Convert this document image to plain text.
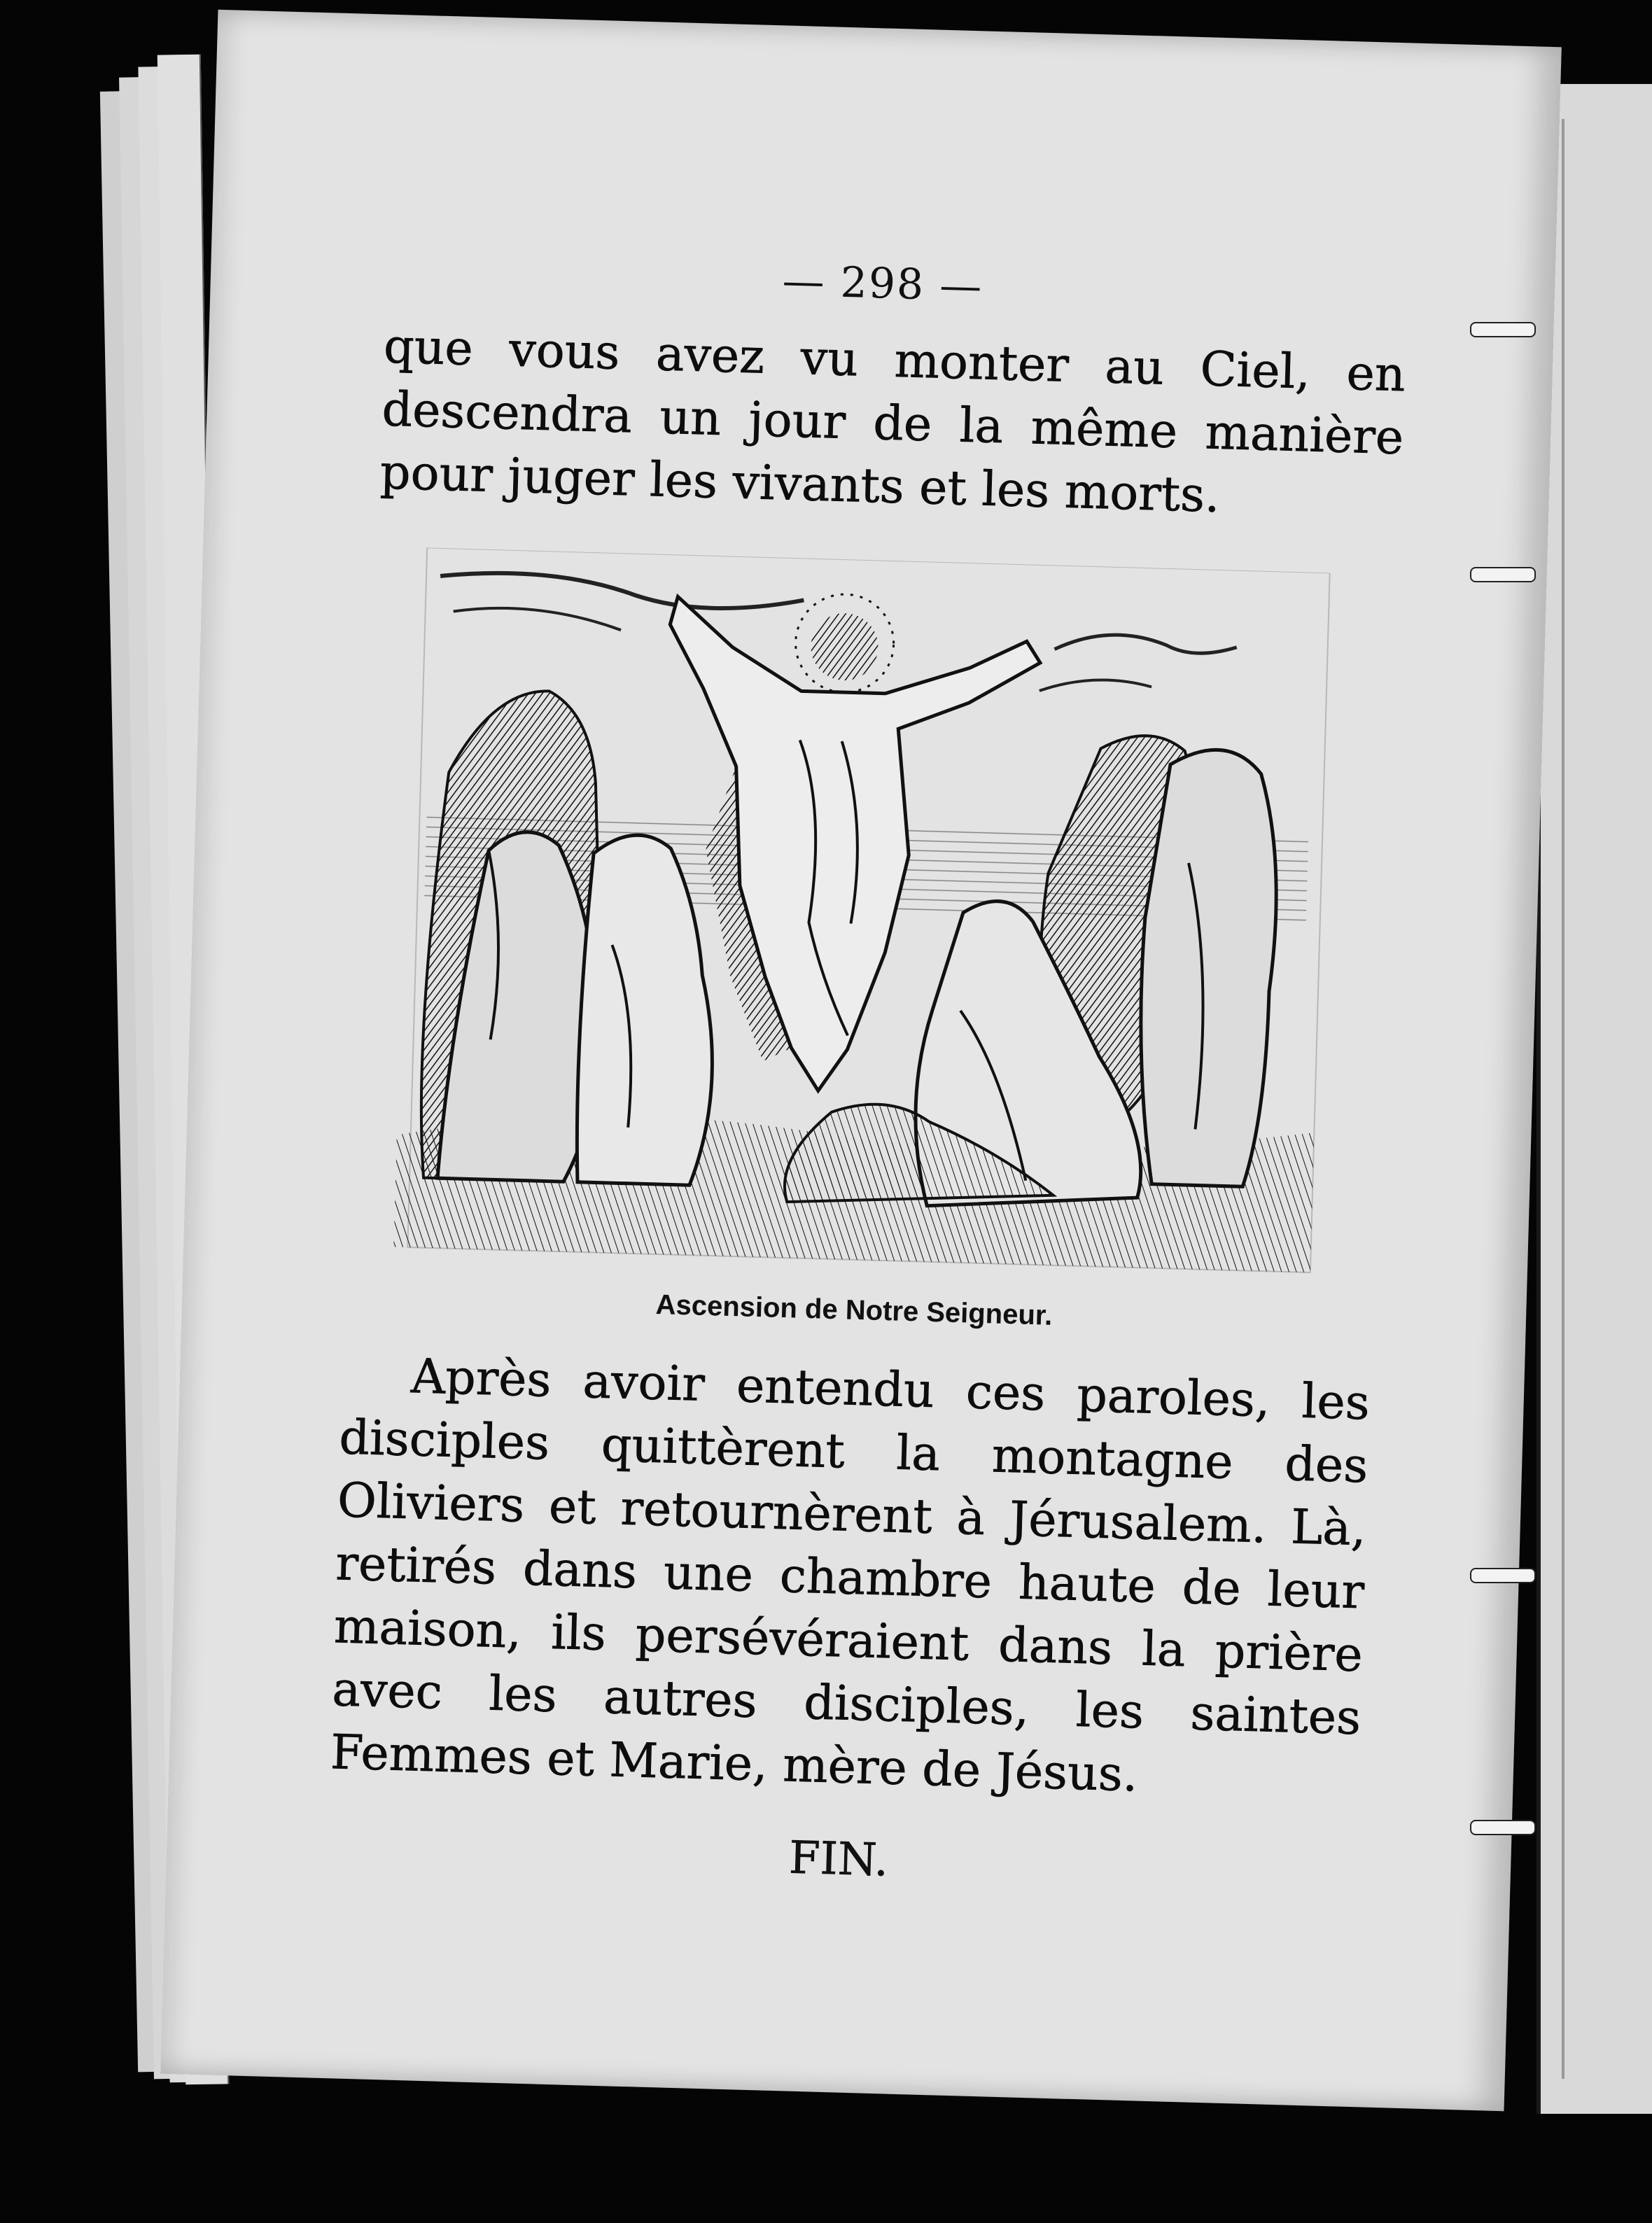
— 298 —
que vous avez vu monter au Ciel, en descendra un jour de la même manière pour juger les vivants et les morts.
Ascension de Notre Seigneur.
Après avoir entendu ces paroles, les disciples quittèrent la montagne des Oliviers et retournèrent à Jérusalem. Là, retirés dans une chambre haute de leur maison, ils persévéraient dans la prière avec les autres disciples, les saintes Femmes et Marie, mère de Jésus.
FIN.
